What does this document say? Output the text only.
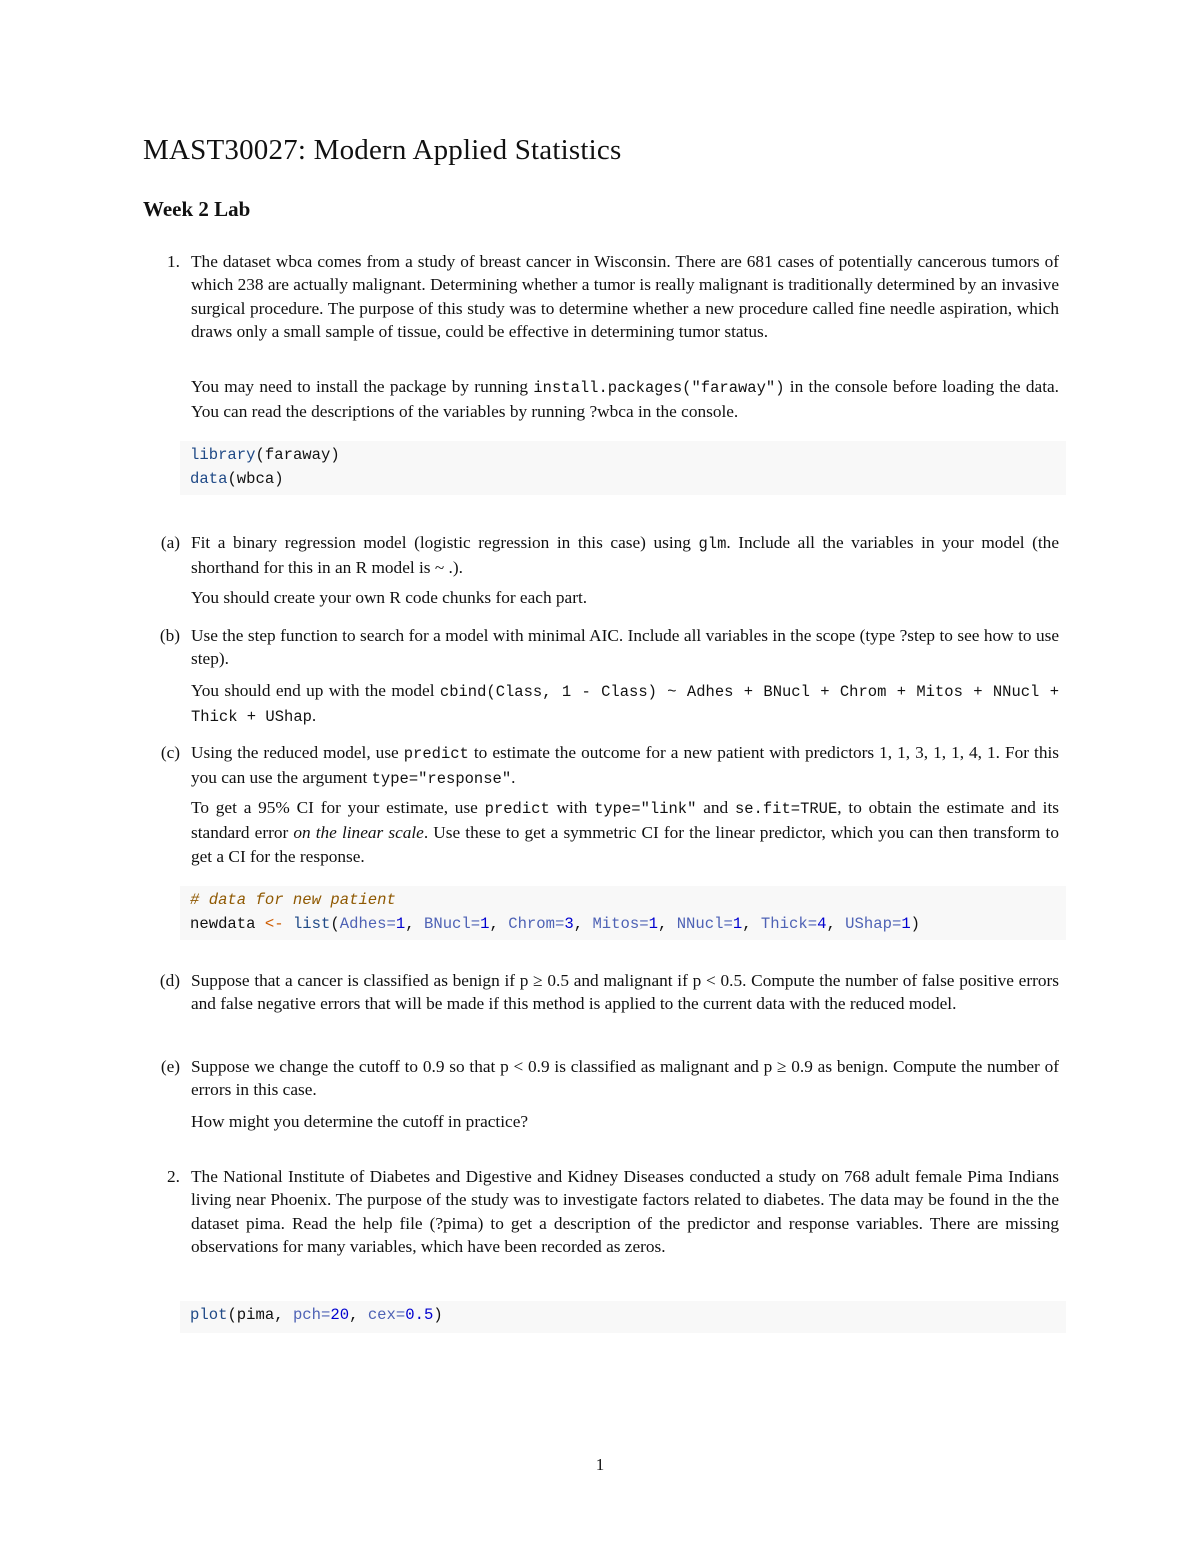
MAST30027: Modern Applied Statistics
Week 2 Lab
1. The dataset wbca comes from a study of breast cancer in Wisconsin. There are 681 cases of potentially cancerous tumors of which 238 are actually malignant. Determining whether a tumor is really malignant is traditionally determined by an invasive surgical procedure. The purpose of this study was to determine whether a new procedure called fine needle aspiration, which draws only a small sample of tissue, could be effective in determining tumor status.

You may need to install the package by running install.packages("faraway") in the console before loading the data. You can read the descriptions of the variables by running ?wbca in the console.

library(faraway)
data(wbca)
(a) Fit a binary regression model (logistic regression in this case) using glm. Include all the variables in your model (the shorthand for this in an R model is ~ .).

You should create your own R code chunks for each part.

(b) Use the step function to search for a model with minimal AIC. Include all variables in the scope (type ?step to see how to use step).

You should end up with the model cbind(Class, 1 - Class) ~ Adhes + BNucl + Chrom + Mitos + NNucl + Thick + UShap.

(c) Using the reduced model, use predict to estimate the outcome for a new patient with predictors 1, 1, 3, 1, 1, 4, 1. For this you can use the argument type="response".

To get a 95% CI for your estimate, use predict with type="link" and se.fit=TRUE, to obtain the estimate and its standard error on the linear scale. Use these to get a symmetric CI for the linear predictor, which you can then transform to get a CI for the response.

# data for new patient
newdata <- list(Adhes=1, BNucl=1, Chrom=3, Mitos=1, NNucl=1, Thick=4, UShap=1)
(d) Suppose that a cancer is classified as benign if p ≥ 0.5 and malignant if p < 0.5. Compute the number of false positive errors and false negative errors that will be made if this method is applied to the current data with the reduced model.

(e) Suppose we change the cutoff to 0.9 so that p < 0.9 is classified as malignant and p ≥ 0.9 as benign. Compute the number of errors in this case.

How might you determine the cutoff in practice?

2. The National Institute of Diabetes and Digestive and Kidney Diseases conducted a study on 768 adult female Pima Indians living near Phoenix. The purpose of the study was to investigate factors related to diabetes. The data may be found in the the dataset pima. Read the help file (?pima) to get a description of the predictor and response variables. There are missing observations for many variables, which have been recorded as zeros.

plot(pima, pch=20, cex=0.5)
1
